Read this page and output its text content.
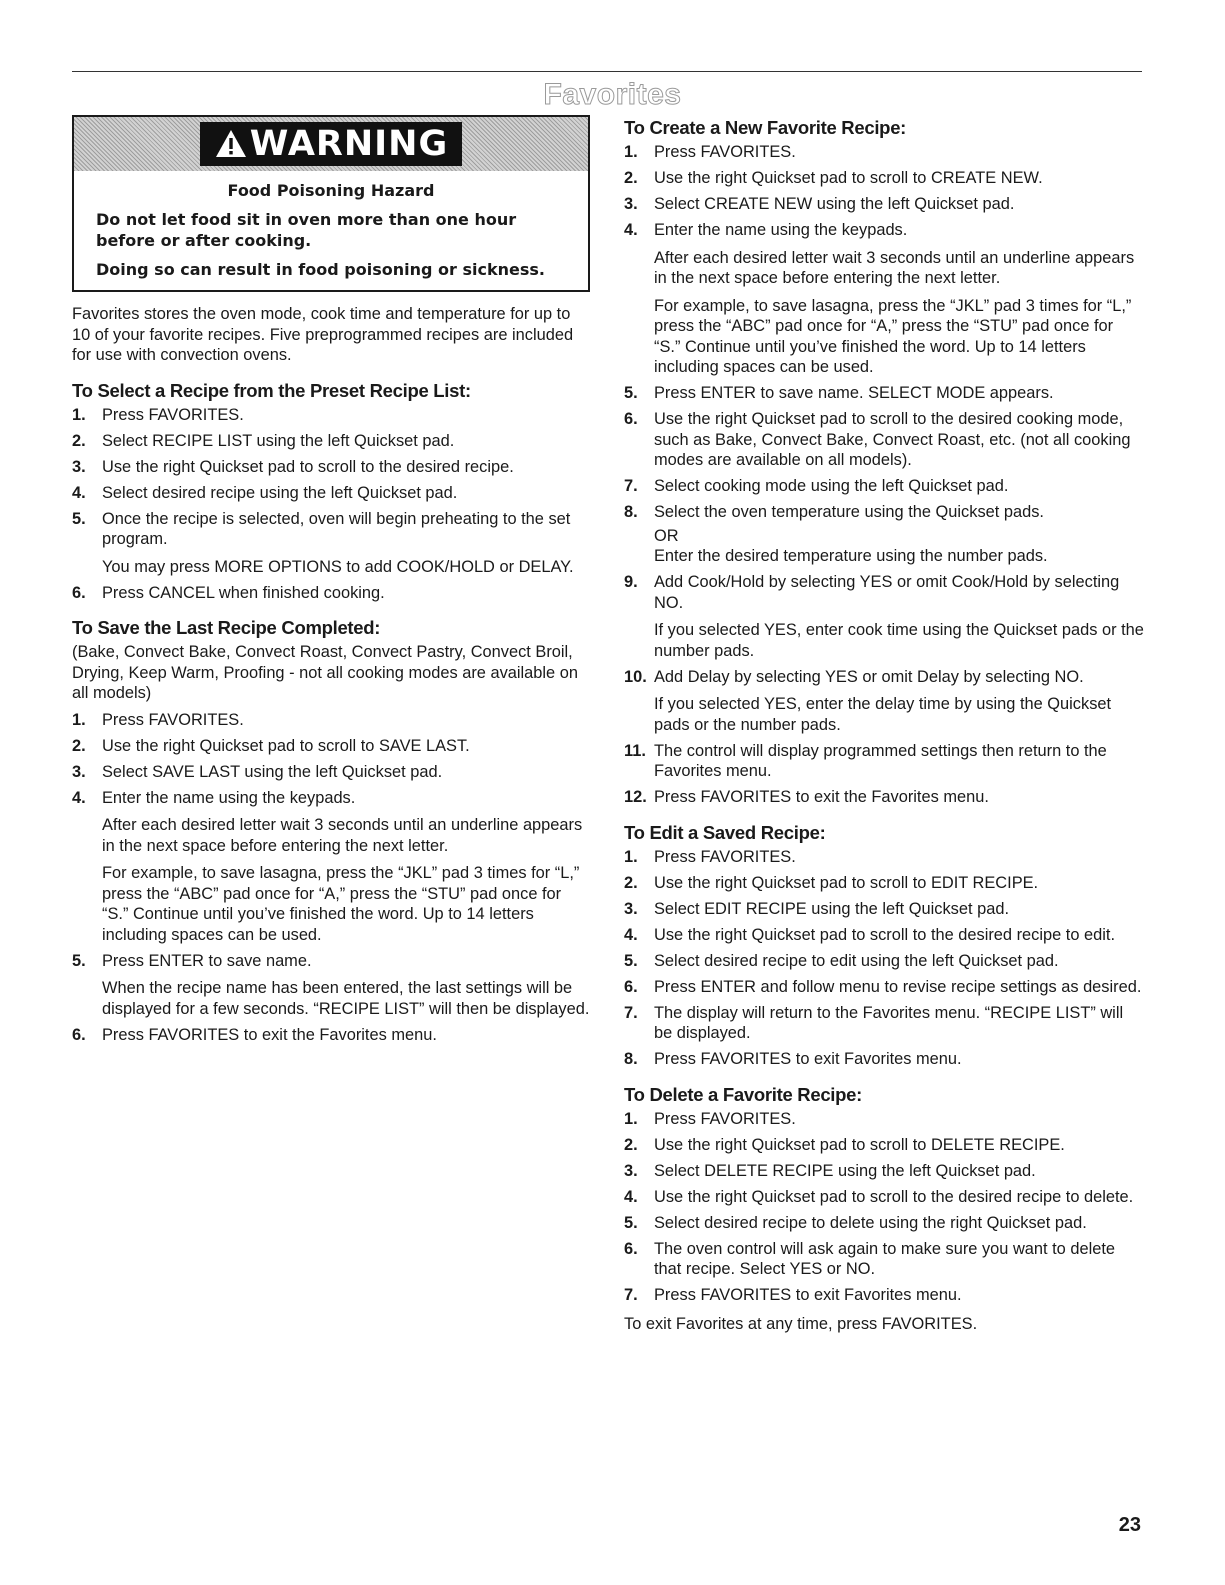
Favorites
WARNING
Food Poisoning Hazard
Do not let food sit in oven more than one hour before or after cooking.
Doing so can result in food poisoning or sickness.

Favorites stores the oven mode, cook time and temperature for up to 10 of your favorite recipes. Five preprogrammed recipes are included for use with convection ovens.

To Select a Recipe from the Preset Recipe List:
1. Press FAVORITES.
2. Select RECIPE LIST using the left Quickset pad.
3. Use the right Quickset pad to scroll to the desired recipe.
4. Select desired recipe using the left Quickset pad.
5. Once the recipe is selected, oven will begin preheating to the set program.
You may press MORE OPTIONS to add COOK/HOLD or DELAY.
6. Press CANCEL when finished cooking.
To Save the Last Recipe Completed:

(Bake, Convect Bake, Convect Roast, Convect Pastry, Convect Broil, Drying, Keep Warm, Proofing - not all cooking modes are available on all models)

1. Press FAVORITES.
2. Use the right Quickset pad to scroll to SAVE LAST.
3. Select SAVE LAST using the left Quickset pad.
4. Enter the name using the keypads.
After each desired letter wait 3 seconds until an underline appears in the next space before entering the next letter.
For example, to save lasagna, press the “JKL” pad 3 times for “L,” press the “ABC” pad once for “A,” press the “STU” pad once for “S.” Continue until you’ve finished the word. Up to 14 letters including spaces can be used.
5. Press ENTER to save name.
When the recipe name has been entered, the last settings will be displayed for a few seconds. “RECIPE LIST” will then be displayed.
6. Press FAVORITES to exit the Favorites menu.
To Create a New Favorite Recipe:
1. Press FAVORITES.
2. Use the right Quickset pad to scroll to CREATE NEW.
3. Select CREATE NEW using the left Quickset pad.
4. Enter the name using the keypads.
After each desired letter wait 3 seconds until an underline appears in the next space before entering the next letter.
For example, to save lasagna, press the “JKL” pad 3 times for “L,” press the “ABC” pad once for “A,” press the “STU” pad once for “S.” Continue until you’ve finished the word. Up to 14 letters including spaces can be used.
5. Press ENTER to save name. SELECT MODE appears.
6. Use the right Quickset pad to scroll to the desired cooking mode, such as Bake, Convect Bake, Convect Roast, etc. (not all cooking modes are available on all models).
7. Select cooking mode using the left Quickset pad.
8. Select the oven temperature using the Quickset pads.
OR
Enter the desired temperature using the number pads.
9. Add Cook/Hold by selecting YES or omit Cook/Hold by selecting NO.
If you selected YES, enter cook time using the Quickset pads or the number pads.
10. Add Delay by selecting YES or omit Delay by selecting NO.
If you selected YES, enter the delay time by using the Quickset pads or the number pads.
11. The control will display programmed settings then return to the Favorites menu.
12. Press FAVORITES to exit the Favorites menu.
To Edit a Saved Recipe:
1. Press FAVORITES.
2. Use the right Quickset pad to scroll to EDIT RECIPE.
3. Select EDIT RECIPE using the left Quickset pad.
4. Use the right Quickset pad to scroll to the desired recipe to edit.
5. Select desired recipe to edit using the left Quickset pad.
6. Press ENTER and follow menu to revise recipe settings as desired.
7. The display will return to the Favorites menu. “RECIPE LIST” will be displayed.
8. Press FAVORITES to exit Favorites menu.
To Delete a Favorite Recipe:
1. Press FAVORITES.
2. Use the right Quickset pad to scroll to DELETE RECIPE.
3. Select DELETE RECIPE using the left Quickset pad.
4. Use the right Quickset pad to scroll to the desired recipe to delete.
5. Select desired recipe to delete using the right Quickset pad.
6. The oven control will ask again to make sure you want to delete that recipe. Select YES or NO.
7. Press FAVORITES to exit Favorites menu.
To exit Favorites at any time, press FAVORITES.
23
